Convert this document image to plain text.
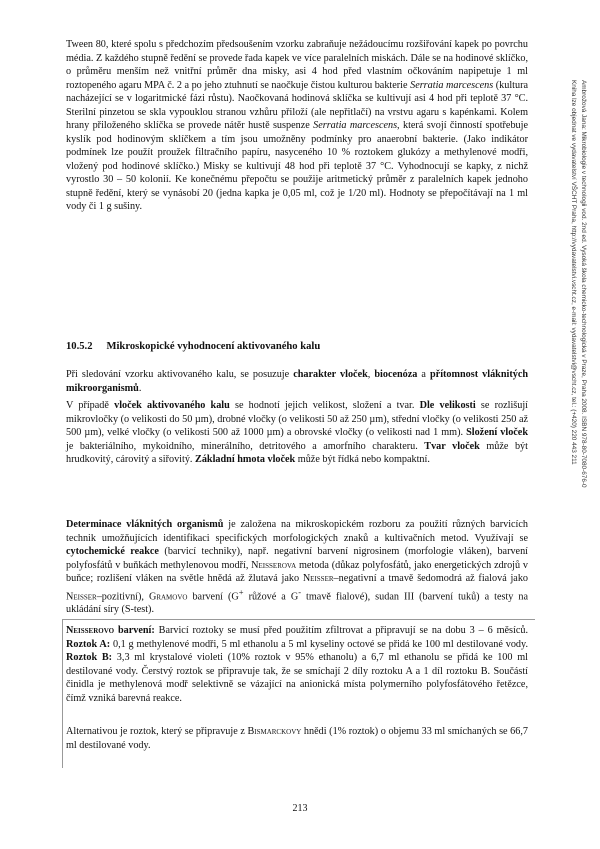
Tween 80, které spolu s předchozím předsoušením vzorku zabraňuje nežádoucímu rozšiřování kapek po povrchu média. Z každého stupně ředění se provede řada kapek ve více paralelních miskách. Dále se na hodinové sklíčko, o průměru menším než vnitřní průměr dna misky, asi 4 hod před vlastním očkováním napipetuje 1 ml roztopeného agaru MPA č. 2 a po jeho ztuhnutí se naočkuje čistou kulturou bakterie Serratia marcescens (kultura nacházející se v logaritmické fázi růstu). Naočkovaná hodinová sklíčka se kultivují asi 4 hod při teplotě 37 °C. Sterilní pinzetou se skla vypouklou stranou vzhůru přiloží (ale nepřitlačí) na vrstvu agaru s kapénkami. Kolem hrany přiloženého sklíčka se provede nátěr hustě suspenze Serratia marcescens, která svojí činností spotřebuje kyslík pod hodinovým sklíčkem a tím jsou umožněny podmínky pro anaerobní bakterie. (Jako indikátor podmínek lze použít proužek filtračního papíru, nasyceného 10 % roztokem glukózy a methylenové modři, vložený pod hodinové sklíčko.) Misky se kultivují 48 hod při teplotě 37 °C. Vyhodnocují se kapky, z nichž vyrostlo 30 – 50 kolonií. Ke konečnému přepočtu se použije aritmetický průměr z paralelních kapek jednoho stupně ředění, který se vynásobí 20 (jedna kapka je 0,05 ml, což je 1/20 ml). Hodnoty se přepočítávají na 1 ml vody či 1 g sušiny.

10.5.2 Mikroskopické vyhodnocení aktivovaného kalu

Při sledování vzorku aktivovaného kalu, se posuzuje charakter vloček, biocenóza a přítomnost vláknitých mikroorganismů.

V případě vloček aktivovaného kalu se hodnotí jejich velikost, složení a tvar. Dle velikosti se rozlišují mikrovločky (o velikosti do 50 µm), drobné vločky (o velikosti 50 až 250 µm), střední vločky (o velikosti 250 až 500 µm), velké vločky (o velikosti 500 až 1000 µm) a obrovské vločky (o velikosti nad 1 mm). Složení vloček je bakteriálního, mykoidního, minerálního, detritového a amorfního charakteru. Tvar vloček může být hrudkovitý, cárovitý a siřovitý. Základní hmota vloček může být řídká nebo kompaktní.

Determinace vláknitých organismů je založena na mikroskopickém rozboru za použití různých barvicích technik umožňujících identifikaci specifických morfologických znaků a kultivačních metod. Využívají se cytochemické reakce (barvicí techniky), např. negativní barvení nigrosinem (morfologie vláken), barvení polyfosfátů v buňkách methylenovou modří, Neisserova metoda (důkaz polyfosfátů, jako energetických zdrojů v buňce; rozlišení vláken na světle hnědá až žlutavá jako Neisser–negativní a tmavě šedomodrá až fialová jako Neisser–pozitivní), Gramovo barvení (G+ růžové a G- tmavě fialové), sudan III (barvení tuků) a testy na ukládání síry (S-test).

Neisserovo barvení: Barvicí roztoky se musí před použitím zfiltrovat a připravují se na dobu 3 – 6 měsíců. Roztok A: 0,1 g methylenové modři, 5 ml ethanolu a 5 ml kyseliny octové se přidá ke 100 ml destilované vody. Roztok B: 3,3 ml krystalové violeti (10% roztok v 95% ethanolu) a 6,7 ml ethanolu se přidá ke 100 ml destilované vody. Čerstvý roztok se připravuje tak, že se smíchají 2 díly roztoku A a 1 díl roztoku B. Součástí činidla je methylenová modř selektivně se vázající na anionická místa polymerního polyfosfátového řetězce, čímž vzniká barevná reakce.

Alternativou je roztok, který se připravuje z Bismarckovy hnědi (1% roztok) o objemu 33 ml smíchaných se 66,7 ml destilované vody.

Ambrožová Jana: Mikrobiologie v technologii vod. 2nd ed. Vysoká škola chemicko-technologická v Praze, Praha 2008. ISBN 978-80-7080-676-0
Kniha lze objednat ve vydavatelství VŠCHT Praha, http://vydavatelstvi.vscht.cz, e-mail: vydavatelstvi@vscht.cz, tel.: (+420) 220 443 211
213
